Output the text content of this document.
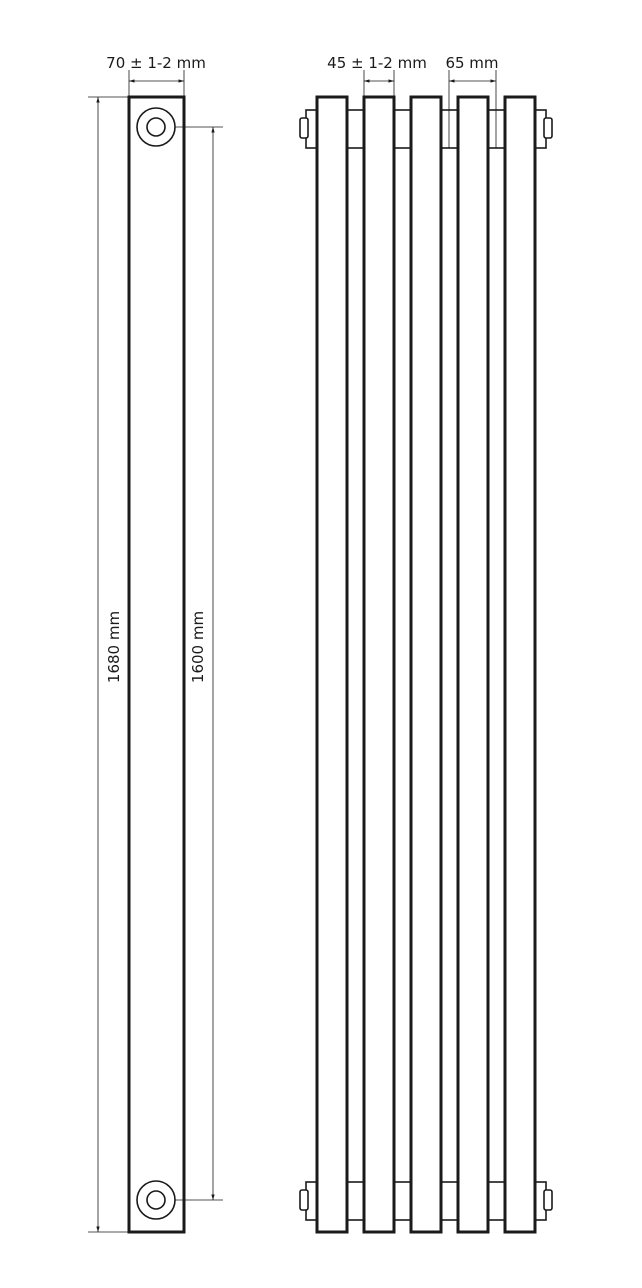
70 ± 1-2 mm
1680 mm	1600 mm
45 ± 1-2 mm 65 mm
